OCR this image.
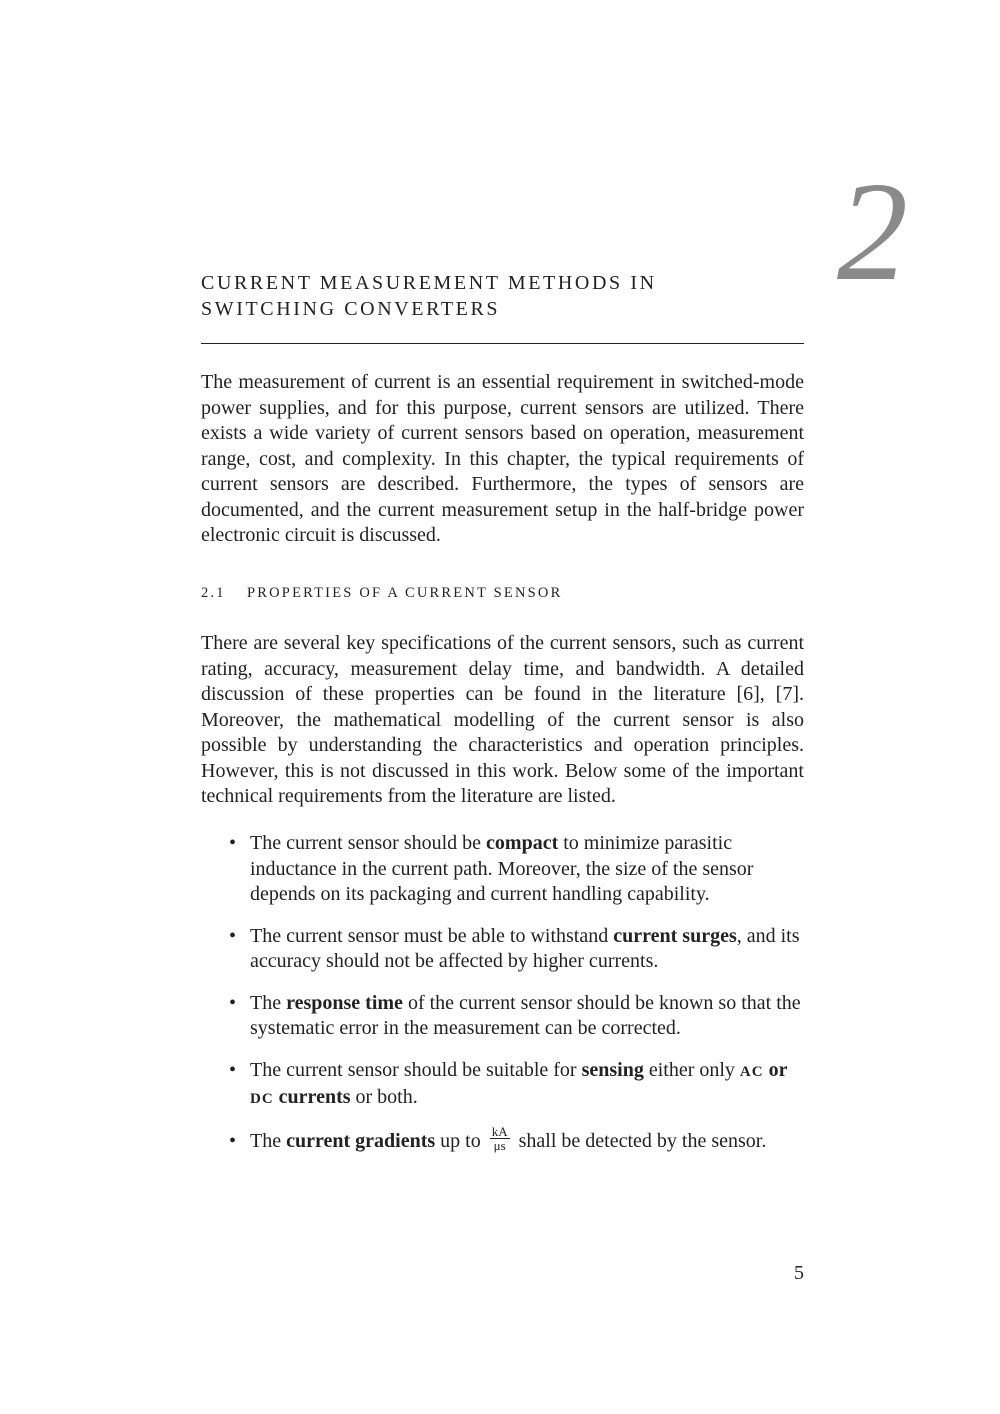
2
CURRENT MEASUREMENT METHODS IN
SWITCHING CONVERTERS

The measurement of current is an essential requirement in switched-mode power supplies, and for this purpose, current sensors are utilized. There exists a wide variety of current sensors based on operation, measurement range, cost, and complexity. In this chapter, the typical requirements of current sensors are described. Furthermore, the types of sensors are documented, and the current measurement setup in the half-bridge power electronic circuit is discussed.

2.1 PROPERTIES OF A CURRENT SENSOR

There are several key specifications of the current sensors, such as current rating, accuracy, measurement delay time, and bandwidth. A detailed discussion of these properties can be found in the literature [6], [7]. Moreover, the mathematical modelling of the current sensor is also possible by understanding the characteristics and operation principles. However, this is not discussed in this work. Below some of the important technical requirements from the literature are listed.

• The current sensor should be compact to minimize parasitic inductance in the current path. Moreover, the size of the sensor depends on its packaging and current handling capability.
• The current sensor must be able to withstand current surges, and its accuracy should not be affected by higher currents.
• The response time of the current sensor should be known so that the systematic error in the measurement can be corrected.
• The current sensor should be suitable for sensing either only AC or DC currents or both.
• The current gradients up to $\frac{kA}{\mu s}$ shall be detected by the sensor.
5
